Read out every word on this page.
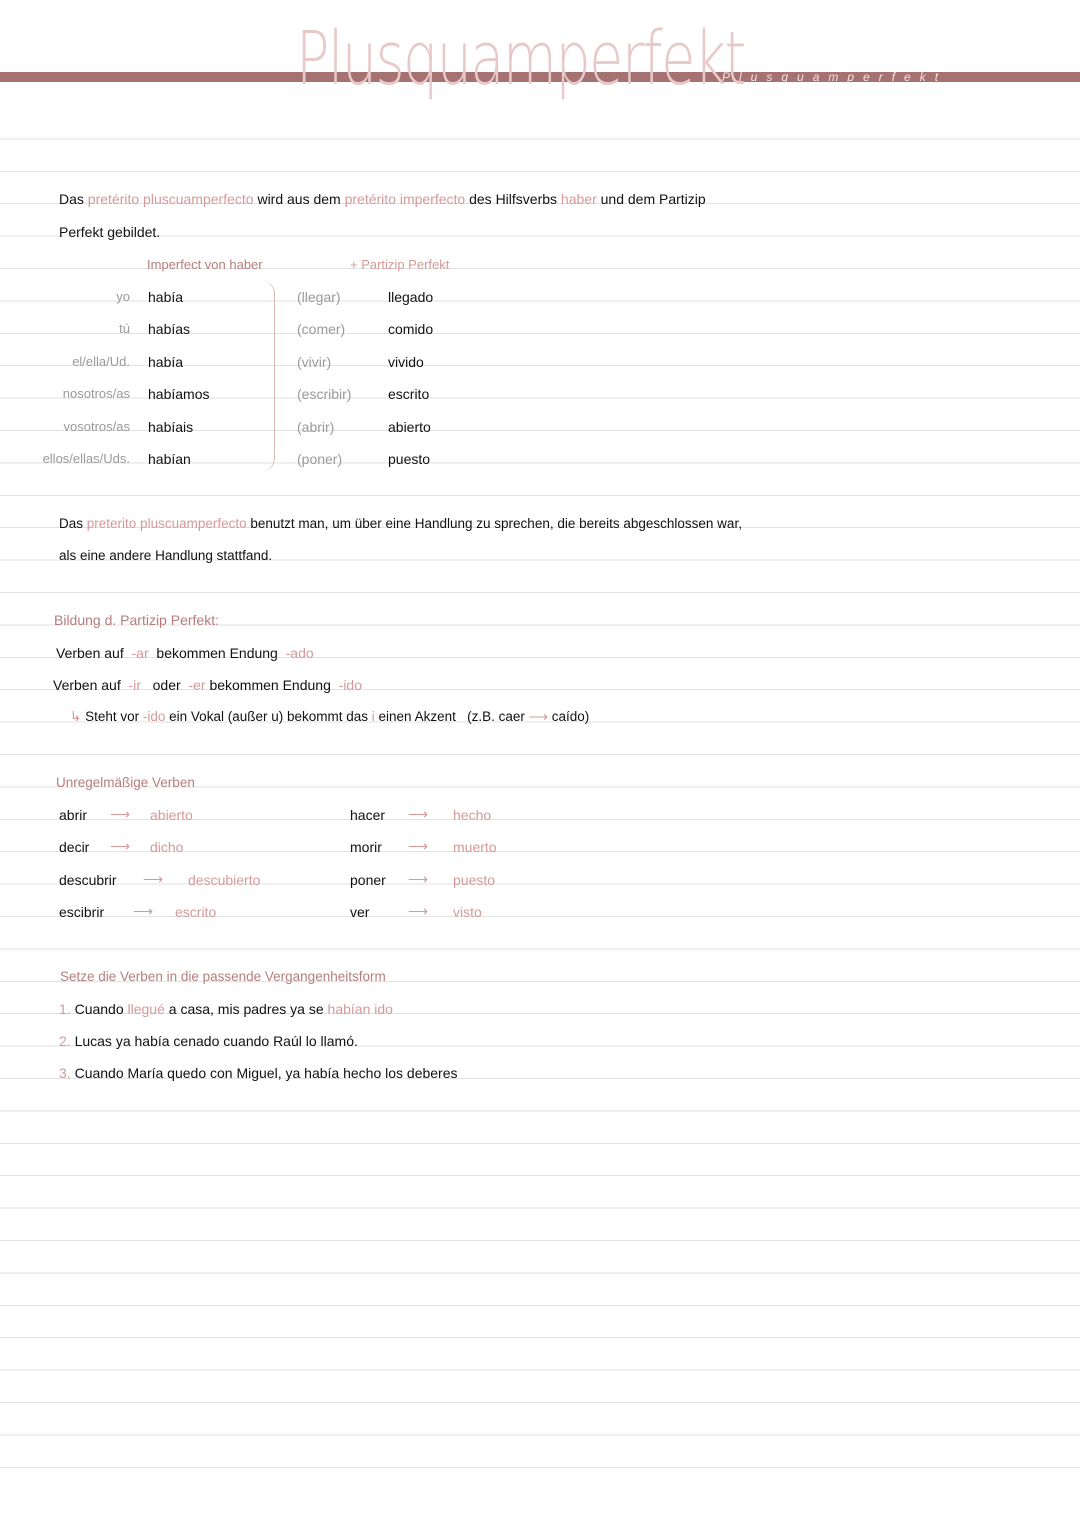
Plusquamperfekt
Plusquamperfekt
Das pretérito pluscuamperfecto wird aus dem pretérito imperfecto des Hilfsverbs haber und dem Partizip
Perfekt gebildet.
Imperfect von haber	+ Partizip Perfekt
yo había	(llegar)	llegado
tú habías	(comer)	comido
el/ella/Ud. había	(vivir)	vivido
nosotros/as habíamos	(escribir)	escrito
vosotros/as habíais	(abrir)	abierto
ellos/ellas/Uds. habían	(poner)	puesto
Das preterito pluscuamperfecto benutzt man, um über eine Handlung zu sprechen, die bereits abgeschlossen war,
als eine andere Handlung stattfand.
Bildung d. Partizip Perfekt:
Verben auf -ar bekommen Endung -ado
Verben auf -ir oder -er bekommen Endung -ido
↳ Steht vor -ido ein Vokal (außer u) bekommt das i einen Akzent (z.B. caer ⟶ caído)
Unregelmäßige Verben
abrir ⟶ abierto
decir ⟶ dicho
descubrir ⟶ descubierto
escibrir ⟶ escrito
hacer ⟶ hecho
morir ⟶ muerto
poner ⟶ puesto
ver	⟶ visto
Setze die Verben in die passende Vergangenheitsform
1. Cuando llegué a casa, mis padres ya se habían ido
2. Lucas ya había cenado cuando Raúl lo llamó.
3. Cuando María quedo con Miguel, ya había hecho los deberes
